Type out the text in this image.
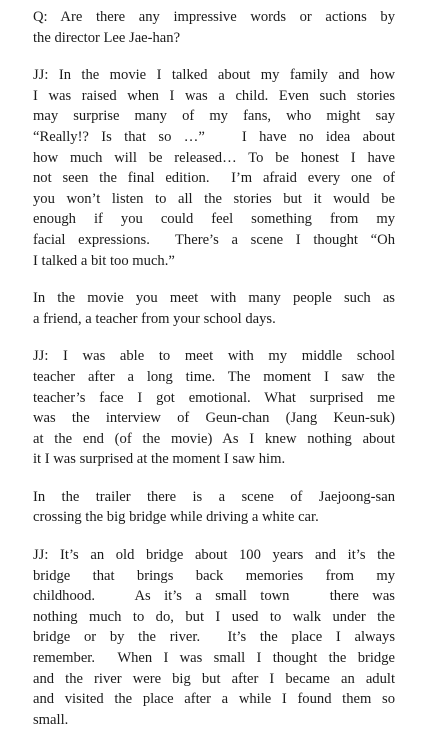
Q: Are there any impressive words or actions by
the director Lee Jae-han?

JJ: In the movie I talked about my family and how
I was raised when I was a child. Even such stories
may surprise many of my fans, who might say
“Really!? Is that so …”   I have no idea about
how much will be released… To be honest I have
not seen the final edition.  I’m afraid every one of
you won’t listen to all the stories but it would be
enough if you could feel something from my
facial expressions.  There’s a scene I thought “Oh
I talked a bit too much.”

In the movie you meet with many people such as
a friend, a teacher from your school days.

JJ: I was able to meet with my middle school
teacher after a long time. The moment I saw the
teacher’s face I got emotional. What surprised me
was the interview of Geun-chan (Jang Keun-suk)
at the end (of the movie) As I knew nothing about
it I was surprised at the moment I saw him.

In the trailer there is a scene of Jaejoong-san
crossing the big bridge while driving a white car.

JJ: It’s an old bridge about 100 years and it’s the
bridge that brings back memories from my
childhood.   As it’s a small town   there was
nothing much to do, but I used to walk under the
bridge or by the river.  It’s the place I always
remember.  When I was small I thought the bridge
and the river were big but after I became an adult
and visited the place after a while I found them so
small.
